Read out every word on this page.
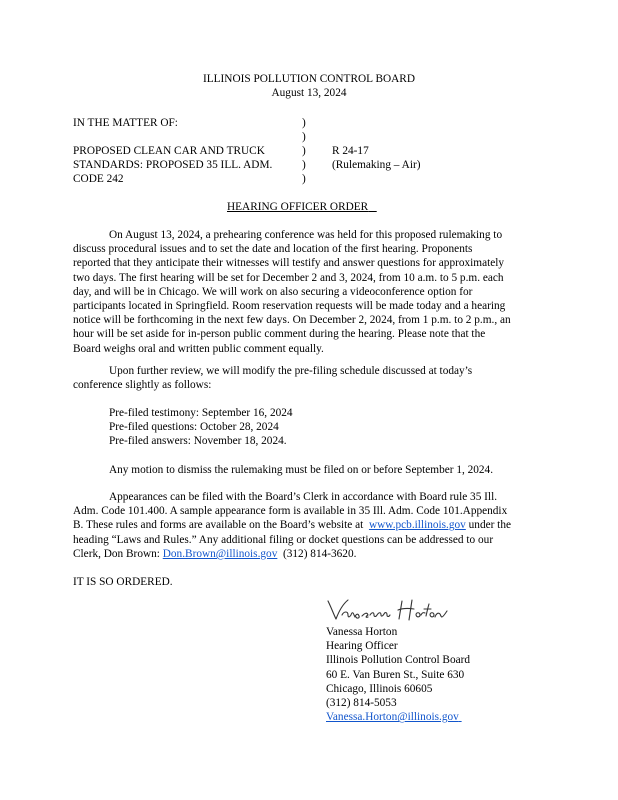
ILLINOIS POLLUTION CONTROL BOARD
August 13, 2024
IN THE MATTER OF:
PROPOSED CLEAN CAR AND TRUCK
STANDARDS: PROPOSED 35 ILL. ADM.
CODE 242
)
)
)
)
)
R 24-17
(Rulemaking – Air)
HEARING OFFICER ORDER
On August 13, 2024, a prehearing conference was held for this proposed rulemaking to
discuss procedural issues and to set the date and location of the first hearing. Proponents
reported that they anticipate their witnesses will testify and answer questions for approximately
two days. The first hearing will be set for December 2 and 3, 2024, from 10 a.m. to 5 p.m. each
day, and will be in Chicago. We will work on also securing a videoconference option for
participants located in Springfield. Room reservation requests will be made today and a hearing
notice will be forthcoming in the next few days. On December 2, 2024, from 1 p.m. to 2 p.m., an
hour will be set aside for in-person public comment during the hearing. Please note that the
Board weighs oral and written public comment equally.
Upon further review, we will modify the pre-filing schedule discussed at today’s
conference slightly as follows:
Pre-filed testimony: September 16, 2024
Pre-filed questions: October 28, 2024
Pre-filed answers: November 18, 2024.
Any motion to dismiss the rulemaking must be filed on or before September 1, 2024.
Appearances can be filed with the Board’s Clerk in accordance with Board rule 35 Ill.
Adm. Code 101.400. A sample appearance form is available in 35 Ill. Adm. Code 101.Appendix
B. These rules and forms are available on the Board’s website at www.pcb.illinois.gov under the
heading “Laws and Rules.” Any additional filing or docket questions can be addressed to our
Clerk, Don Brown: Don.Brown@illinois.gov (312) 814-3620.
IT IS SO ORDERED.
Vanessa Horton
Hearing Officer
Illinois Pollution Control Board
60 E. Van Buren St., Suite 630
Chicago, Illinois 60605
(312) 814-5053
Vanessa.Horton@illinois.gov
